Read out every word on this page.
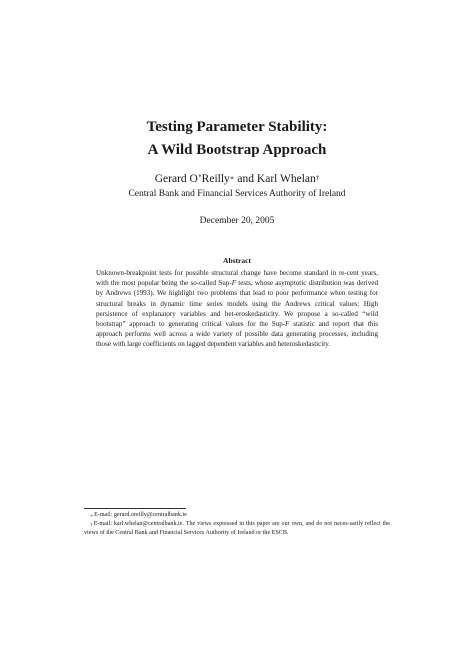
Testing Parameter Stability:
A Wild Bootstrap Approach
Gerard O’Reilly∗ and Karl Whelan†
Central Bank and Financial Services Authority of Ireland
December 20, 2005
Abstract
Unknown-breakpoint tests for possible structural change have become standard in re-cent years, with the most popular being the so-called Sup-F tests, whose asymptotic distribution was derived by Andrews (1993). We highlight two problems that lead to poor performance when testing for structural breaks in dynamic time series models using the Andrews critical values: High persistence of explanatory variables and het-eroskedasticity. We propose a so-called “wild bootstrap” approach to generating critical values for the Sup-F statistic and report that this approach performs well across a wide variety of possible data generating processes, including those with large coefficients on lagged dependent variables and heteroskedasticity.

∗E-mail: gerard.oreilly@centralbank.ie

†E-mail: karl.whelan@centralbank.ie. The views expressed in this paper are our own, and do not neces-sarily reflect the views of the Central Bank and Financial Services Authority of Ireland or the ESCB.
